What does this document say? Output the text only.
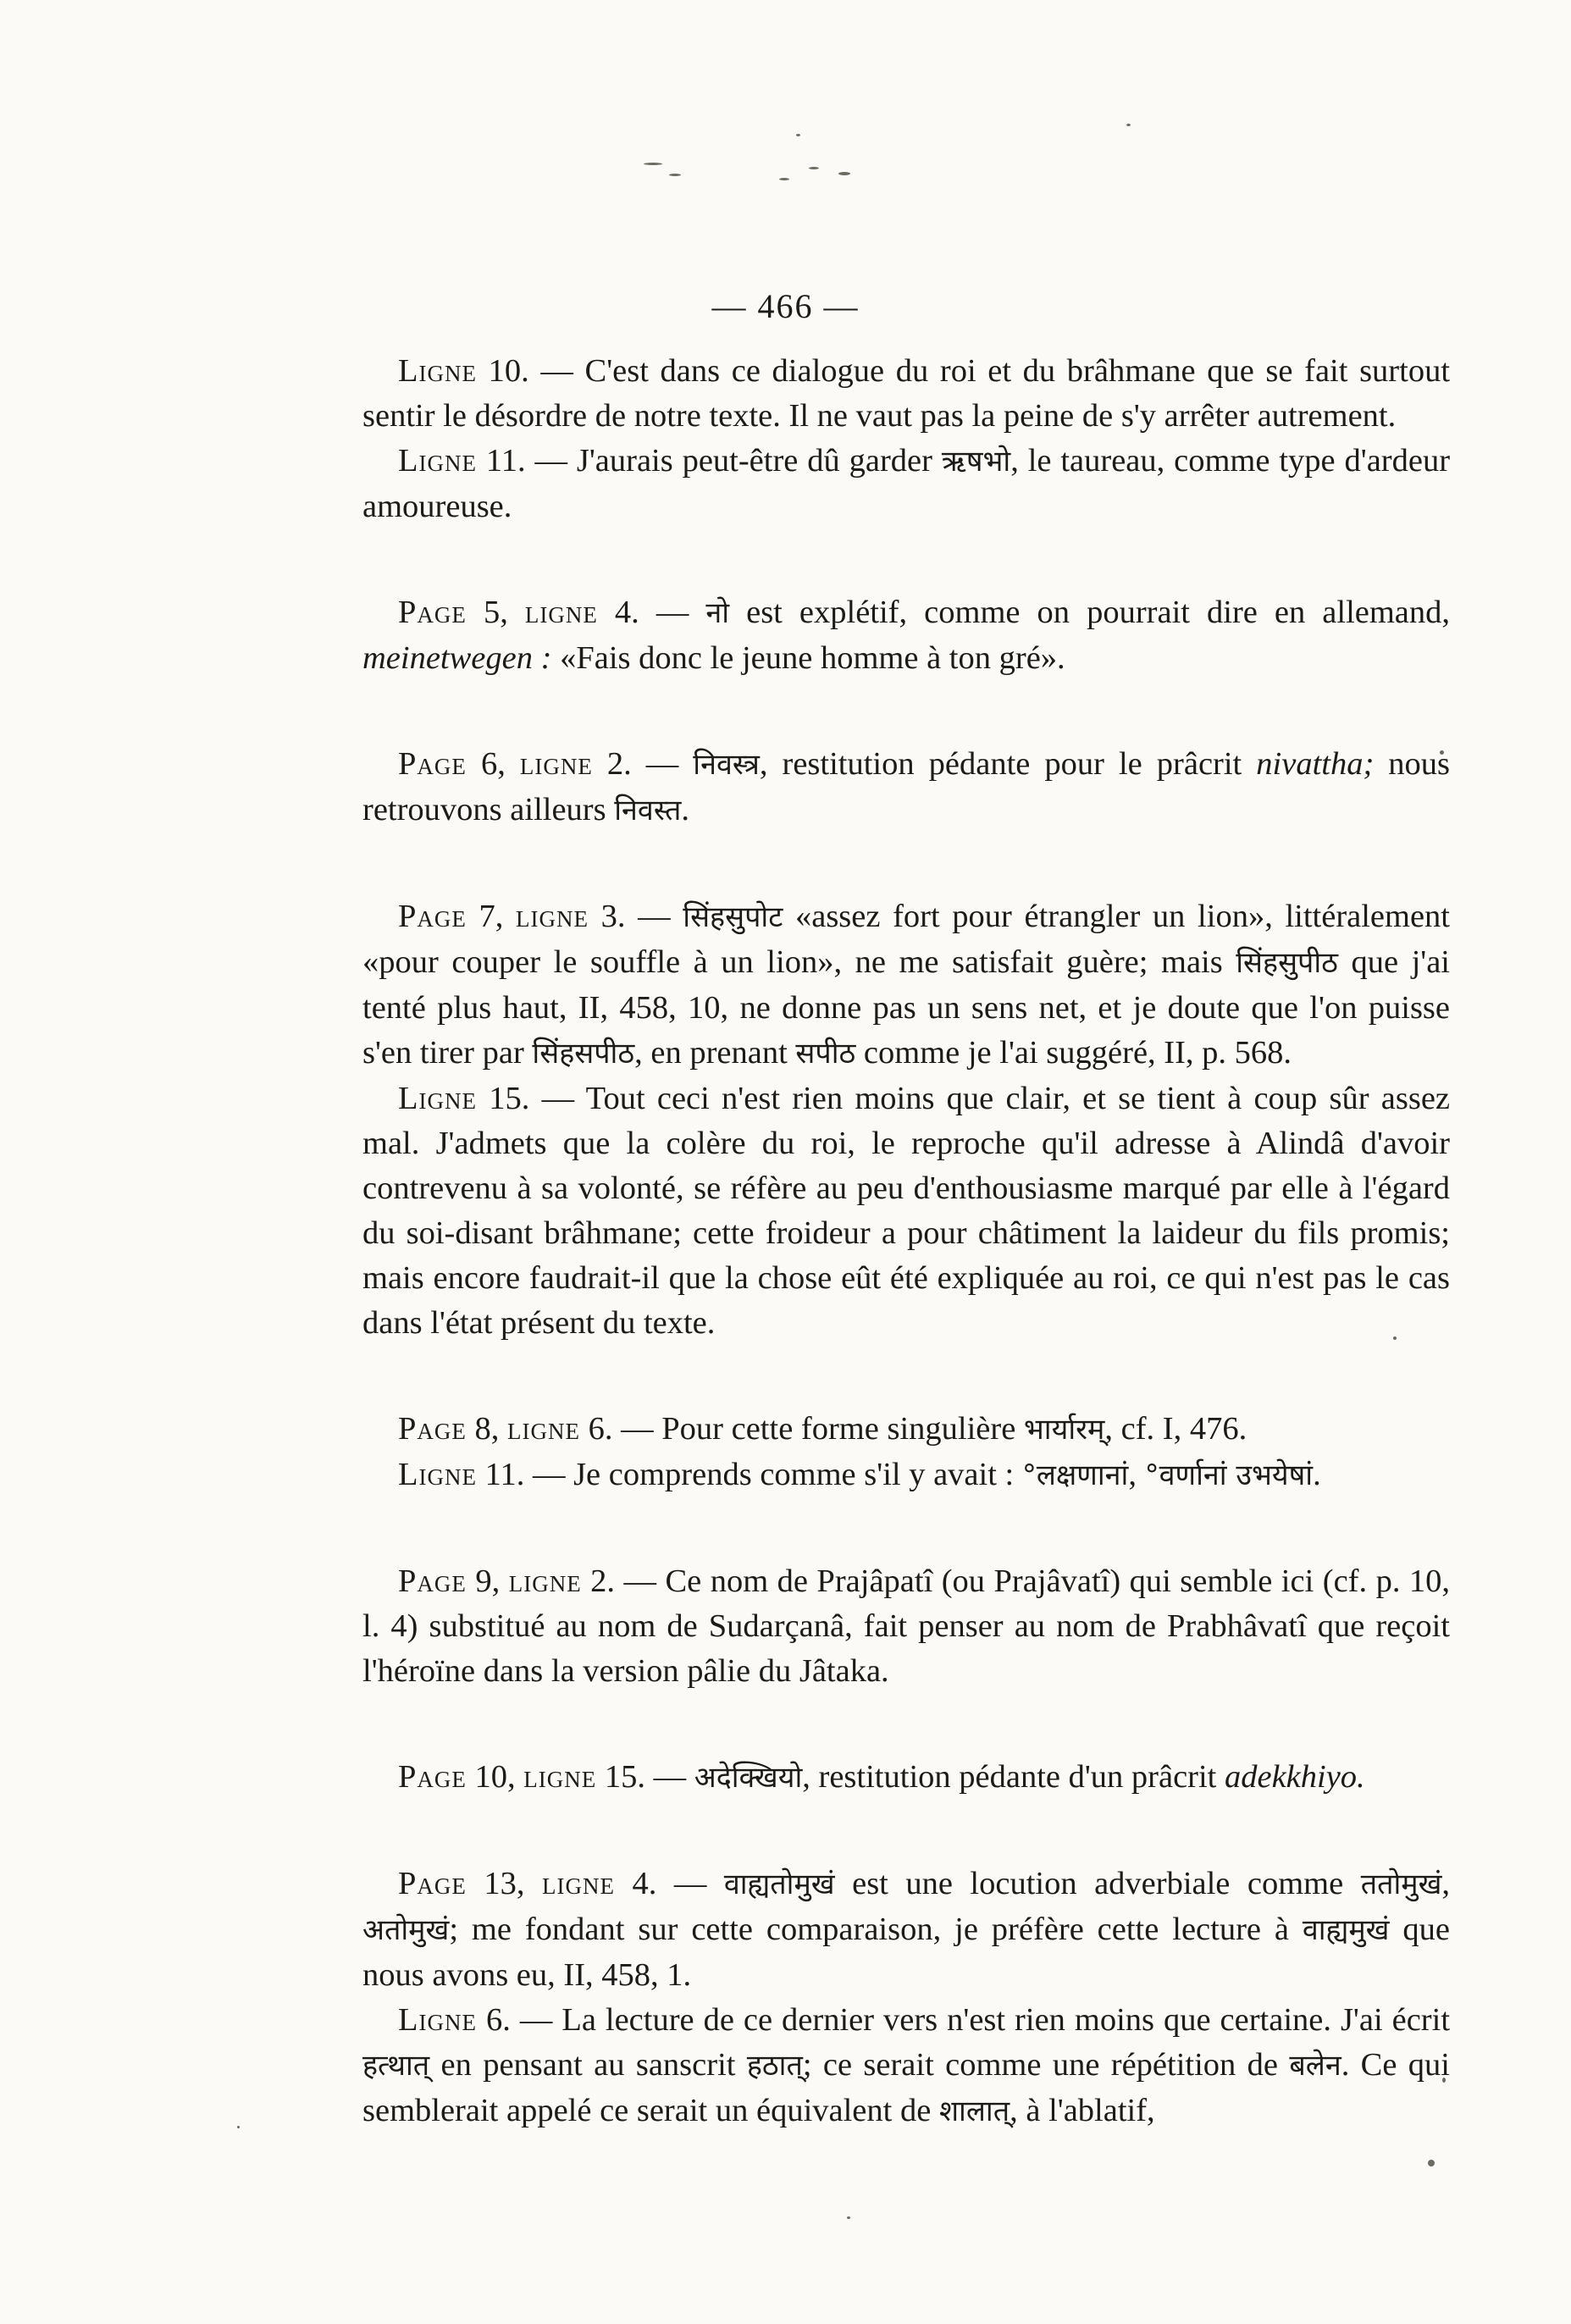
— 466 —

Ligne 10. — C'est dans ce dialogue du roi et du brâhmane que se fait surtout sentir le désordre de notre texte. Il ne vaut pas la peine de s'y arrêter autrement.

Ligne 11. — J'aurais peut-être dû garder ऋषभो, le taureau, comme type d'ardeur amoureuse.

Page 5, ligne 4. — नो est explétif, comme on pourrait dire en allemand, meinetwegen : «Fais donc le jeune homme à ton gré».

Page 6, ligne 2. — निवस्त्र, restitution pédante pour le prâcrit nivattha; nous retrouvons ailleurs निवस्त.

Page 7, ligne 3. — सिंहसुपोट «assez fort pour étrangler un lion», littéralement «pour couper le souffle à un lion», ne me satisfait guère; mais सिंहसुपीठ que j'ai tenté plus haut, II, 458, 10, ne donne pas un sens net, et je doute que l'on puisse s'en tirer par सिंहसपीठ, en prenant सपीठ comme je l'ai suggéré, II, p. 568.

Ligne 15. — Tout ceci n'est rien moins que clair, et se tient à coup sûr assez mal. J'admets que la colère du roi, le reproche qu'il adresse à Alindâ d'avoir contrevenu à sa volonté, se réfère au peu d'enthousiasme marqué par elle à l'égard du soi-disant brâhmane; cette froideur a pour châtiment la laideur du fils promis; mais encore faudrait-il que la chose eût été expliquée au roi, ce qui n'est pas le cas dans l'état présent du texte.

Page 8, ligne 6. — Pour cette forme singulière भार्यारम्, cf. I, 476.

Ligne 11. — Je comprends comme s'il y avait : °लक्षणानां, °वर्णानां उभयेषां.

Page 9, ligne 2. — Ce nom de Prajâpatî (ou Prajâvatî) qui semble ici (cf. p. 10, l. 4) substitué au nom de Sudarçanâ, fait penser au nom de Prabhâvatî que reçoit l'héroïne dans la version pâlie du Jâtaka.

Page 10, ligne 15. — अदेक्खियो, restitution pédante d'un prâcrit adekkhiyo.

Page 13, ligne 4. — वाह्यतोमुखं est une locution adverbiale comme ततोमुखं, अतोमुखं; me fondant sur cette comparaison, je préfère cette lecture à वाह्यमुखं que nous avons eu, II, 458, 1.

Ligne 6. — La lecture de ce dernier vers n'est rien moins que certaine. J'ai écrit हत्थात् en pensant au sanscrit हठात्; ce serait comme une répétition de बलेन. Ce qui semblerait appelé ce serait un équivalent de शालात्, à l'ablatif,
